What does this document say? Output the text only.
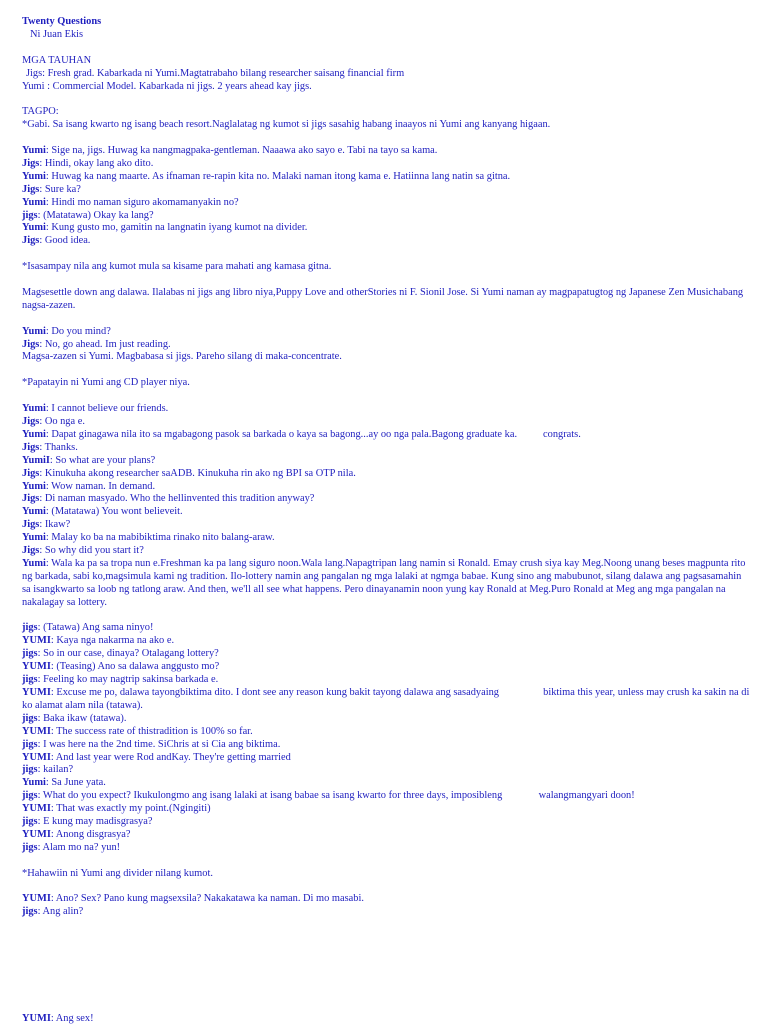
Twenty Questions
Ni Juan Ekis
MGA TAUHAN
Jigs: Fresh grad. Kabarkada ni Yumi.Magtatrabaho bilang researcher saisang financial firm
Yumi : Commercial Model. Kabarkada ni jigs. 2 years ahead kay jigs.
TAGPO:
*Gabi. Sa isang kwarto ng isang beach resort.Naglalatag ng kumot si jigs sasahig habang inaayos ni Yumi ang kanyang higaan.
Yumi: Sige na, jigs. Huwag ka nangmagpaka-gentleman. Naaawa ako sayo e. Tabi na tayo sa kama.
Jigs: Hindi, okay lang ako dito.
Yumi: Huwag ka nang maarte. As ifnaman re-rapin kita no. Malaki naman itong kama e. Hatiinna lang natin sa gitna.
Jigs: Sure ka?
Yumi: Hindi mo naman siguro akomamanyakin no?
jigs: (Matatawa) Okay ka lang?
Yumi: Kung gusto mo, gamitin na langnatin iyang kumot na divider.
Jigs: Good idea.
*Isasampay nila ang kumot mula sa kisame para mahati ang kamasa gitna.
Magsesettle down ang dalawa. Ilalabas ni jigs ang libro niya,Puppy Love and otherStories ni F. Sionil Jose. Si Yumi naman ay magpapatugtog ng Japanese Zen Musichabang nagsa-zazen.
Yumi: Do you mind?
Jigs: No, go ahead. Im just reading.
Magsa-zazen si Yumi. Magbabasa si jigs. Pareho silang di maka-concentrate.
*Papatayin ni Yumi ang CD player niya.
Yumi: I cannot believe our friends.
Jigs: Oo nga e.
Yumi: Dapat ginagawa nila ito sa mgabagong pasok sa barkada o kaya sa bagong...ay oo nga pala.Bagong graduate ka.          congrats.
Jigs: Thanks.
YumiI: So what are your plans?
Jigs: Kinukuha akong researcher saADB. Kinukuha rin ako ng BPI sa OTP nila.
Yumi: Wow naman. In demand.
Jigs: Di naman masyado. Who the hellinvented this tradition anyway?
Yumi: (Matatawa) You wont believeit.
Jigs: Ikaw?
Yumi: Malay ko ba na mabibiktima rinako nito balang-araw.
Jigs: So why did you start it?
Yumi: Wala ka pa sa tropa nun e.Freshman ka pa lang siguro noon.Wala lang.Napagtripan lang namin si Ronald. Emay crush siya kay Meg.Noong unang beses magpunta rito ng barkada, sabi ko,magsimula kami ng tradition. Ilo-lottery namin ang pangalan ng mga lalaki at ngmga babae. Kung sino ang mabubunot, silang dalawa ang pagsasamahin sa isangkwarto sa loob ng tatlong araw. And then, we'll all see what happens. Pero dinayanamin noon yung kay Ronald at Meg.Puro Ronald at Meg ang mga pangalan na nakalagay sa lottery.
jigs: (Tatawa) Ang sama ninyo!
YUMI: Kaya nga nakarma na ako e.
jigs: So in our case, dinaya? Otalagang lottery?
YUMI: (Teasing) Ano sa dalawa anggusto mo?
jigs: Feeling ko may nagtrip sakinsa barkada e.
YUMI: Excuse me po, dalawa tayongbiktima dito. I dont see any reason kung bakit tayong dalawa ang sasadyaing                 biktima this year, unless may crush ka sakin na di ko alamat alam nila (tatawa).
jigs: Baka ikaw (tatawa).
YUMI: The success rate of thistradition is 100% so far.
jigs: I was here na the 2nd time. SiChris at si Cia ang biktima.
YUMI: And last year were Rod andKay. They're getting married
jigs: kailan?
Yumi: Sa June yata.
jigs: What do you expect? Ikukulongmo ang isang lalaki at isang babae sa isang kwarto for three days, imposibleng              walangmangyari doon!
YUMI: That was exactly my point.(Ngingiti)
jigs: E kung may madisgrasya?
YUMI: Anong disgrasya?
jigs: Alam mo na? yun!
*Hahawiin ni Yumi ang divider nilang kumot.
YUMI: Ano? Sex? Pano kung magsexsila? Nakakatawa ka naman. Di mo masabi.
jigs: Ang alin?
YUMI: Ang sex!
